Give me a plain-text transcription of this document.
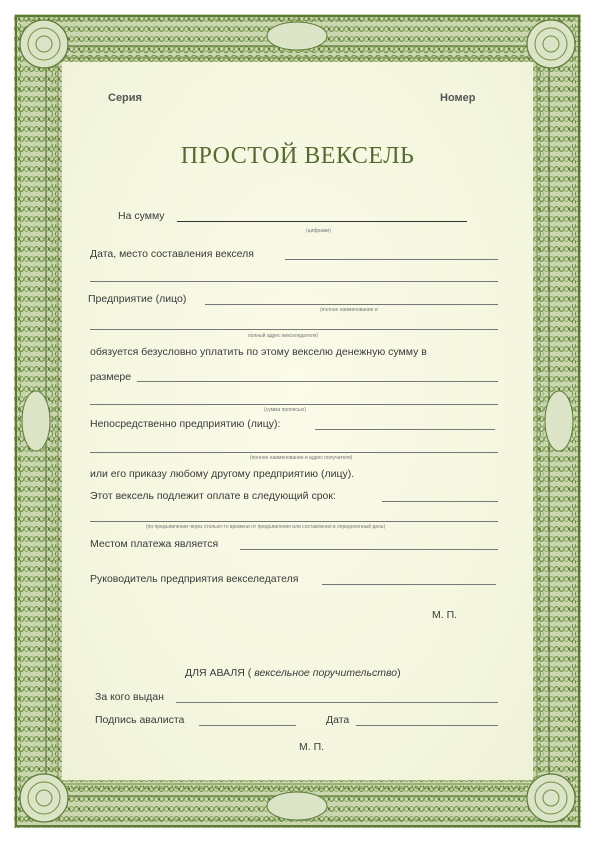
Серия	Номер
ПРОСТОЙ ВЕКСЕЛЬ
На сумму
(цифрами)
Дата, место составления векселя
Предприятие (лицо)
(полное наименование и
полный адрес векселедателя)
обязуется безусловно уплатить по этому векселю денежную сумму в
размере
(сумма прописью)
Непосредственно предприятию (лицу):
(полное наименование и адрес получателя)
или его приказу любому другому предприятию (лицу).
Этот вексель подлежит оплате в следующий срок:
(по предъявлении через столько-то времени от предъявления или составления в определенный день)
Местом платежа является
Руководитель предприятия векселедателя
М. П.
ДЛЯ АВАЛЯ ( вексельное поручительство)
За кого выдан
Подпись авалиста	Дата
М. П.
